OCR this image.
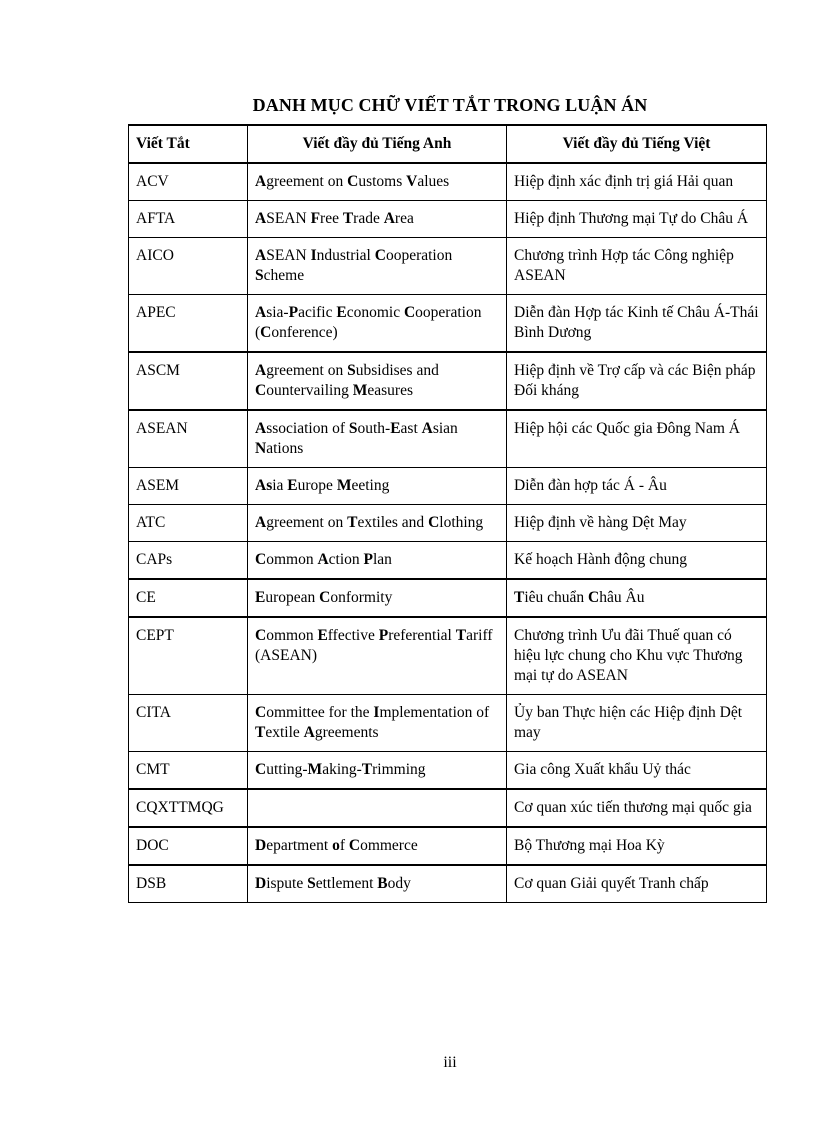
DANH MỤC CHỮ VIẾT TẮT TRONG LUẬN ÁN
Viết Tắt	Viết đầy đủ Tiếng Anh	Viết đầy đủ Tiếng Việt
ACV	Agreement on Customs Values	Hiệp định xác định trị giá Hải quan
AFTA	ASEAN Free Trade Area	Hiệp định Thương mại Tự do Châu Á
AICO	ASEAN Industrial Cooperation Scheme	Chương trình Hợp tác Công nghiệp ASEAN
APEC	Asia-Pacific Economic Cooperation (Conference)	Diễn đàn Hợp tác Kinh tế Châu Á-Thái Bình Dương
ASCM	Agreement on Subsidises and Countervailing Measures	Hiệp định về Trợ cấp và các Biện pháp Đối kháng
ASEAN	Association of South-East Asian Nations	Hiệp hội các Quốc gia Đông Nam Á
ASEM	Asia Europe Meeting	Diễn đàn hợp tác Á - Âu
ATC	Agreement on Textiles and Clothing	Hiệp định về hàng Dệt May
CAPs	Common Action Plan	Kế hoạch Hành động chung
CE	European Conformity	Tiêu chuẩn Châu Âu
CEPT	Common Effective Preferential Tariff (ASEAN)	Chương trình Ưu đãi Thuế quan có hiệu lực chung cho Khu vực Thương mại tự do ASEAN
CITA	Committee for the Implementation of Textile Agreements	Ủy ban Thực hiện các Hiệp định Dệt may
CMT	Cutting-Making-Trimming	Gia công Xuất khẩu Uỷ thác
CQXTTMQG		Cơ quan xúc tiến thương mại quốc gia
DOC	Department of Commerce	Bộ Thương mại Hoa Kỳ
DSB	Dispute Settlement Body	Cơ quan Giải quyết Tranh chấp
iii
